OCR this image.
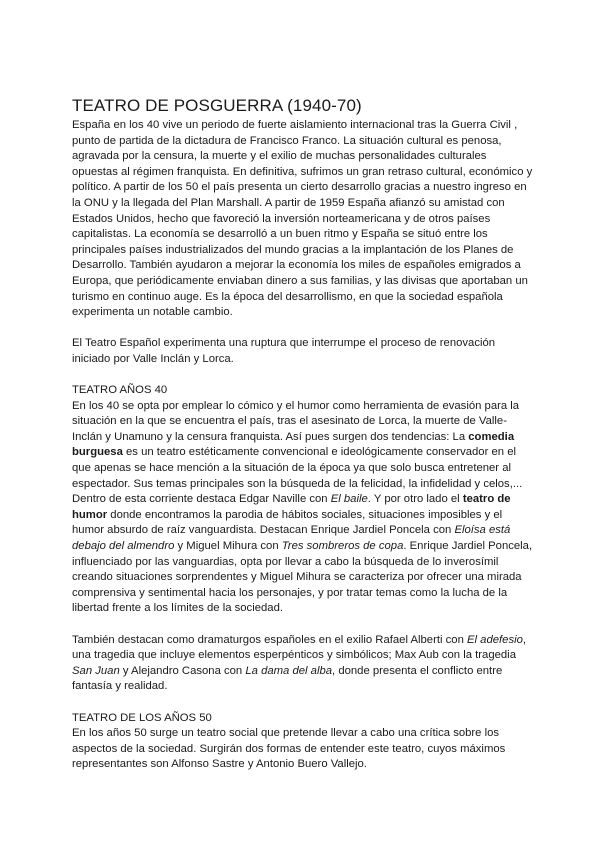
TEATRO DE POSGUERRA (1940-70)

España en los 40 vive un periodo de fuerte aislamiento internacional tras la Guerra Civil , punto de partida de la dictadura de Francisco Franco. La situación cultural es penosa, agravada por la censura, la muerte y el exilio de muchas personalidades culturales opuestas al régimen franquista. En definitiva, sufrimos un gran retraso cultural, económico y político. A partir de los 50 el país presenta un cierto desarrollo gracias a nuestro ingreso en la ONU y la llegada del Plan Marshall. A partir de 1959 España afianzó su amistad con Estados Unidos, hecho que favoreció la inversión norteamericana y de otros países capitalistas. La economía se desarrolló a un buen ritmo y España se situó entre los principales países industrializados del mundo gracias a la implantación de los Planes de Desarrollo. También ayudaron a mejorar la economía los miles de españoles emigrados a Europa, que periódicamente enviaban dinero a sus familias, y las divisas que aportaban un turismo en continuo auge. Es la época del desarrollismo, en que la sociedad española experimenta un notable cambio.

El Teatro Español experimenta una ruptura que interrumpe el proceso de renovación iniciado por Valle Inclán y Lorca.

TEATRO AÑOS 40

En los 40 se opta por emplear lo cómico y el humor como herramienta de evasión para la situación en la que se encuentra el país, tras el asesinato de Lorca, la muerte de Valle-Inclán y Unamuno y la censura franquista. Así pues surgen dos tendencias: La comedia burguesa es un teatro estéticamente convencional e ideológicamente conservador en el que apenas se hace mención a la situación de la época ya que solo busca entretener al espectador. Sus temas principales son la búsqueda de la felicidad, la infidelidad y celos,... Dentro de esta corriente destaca Edgar Naville con El baile. Y por otro lado el teatro de humor donde encontramos la parodia de hábitos sociales, situaciones imposibles y el humor absurdo de raíz vanguardista. Destacan Enrique Jardiel Poncela con Eloísa está debajo del almendro y Miguel Mihura con Tres sombreros de copa. Enrique Jardiel Poncela, influenciado por las vanguardias, opta por llevar a cabo la búsqueda de lo inverosímil creando situaciones sorprendentes y Miguel Mihura se caracteriza por ofrecer una mirada comprensiva y sentimental hacia los personajes, y por tratar temas como la lucha de la libertad frente a los límites de la sociedad.

También destacan como dramaturgos españoles en el exilio Rafael Alberti con El adefesio, una tragedia que incluye elementos esperpénticos y simbólicos; Max Aub con la tragedia San Juan y Alejandro Casona con La dama del alba, donde presenta el conflicto entre fantasía y realidad.

TEATRO DE LOS AÑOS 50

En los años 50 surge un teatro social que pretende llevar a cabo una crítica sobre los aspectos de la sociedad. Surgirán dos formas de entender este teatro, cuyos máximos representantes son Alfonso Sastre y Antonio Buero Vallejo.
